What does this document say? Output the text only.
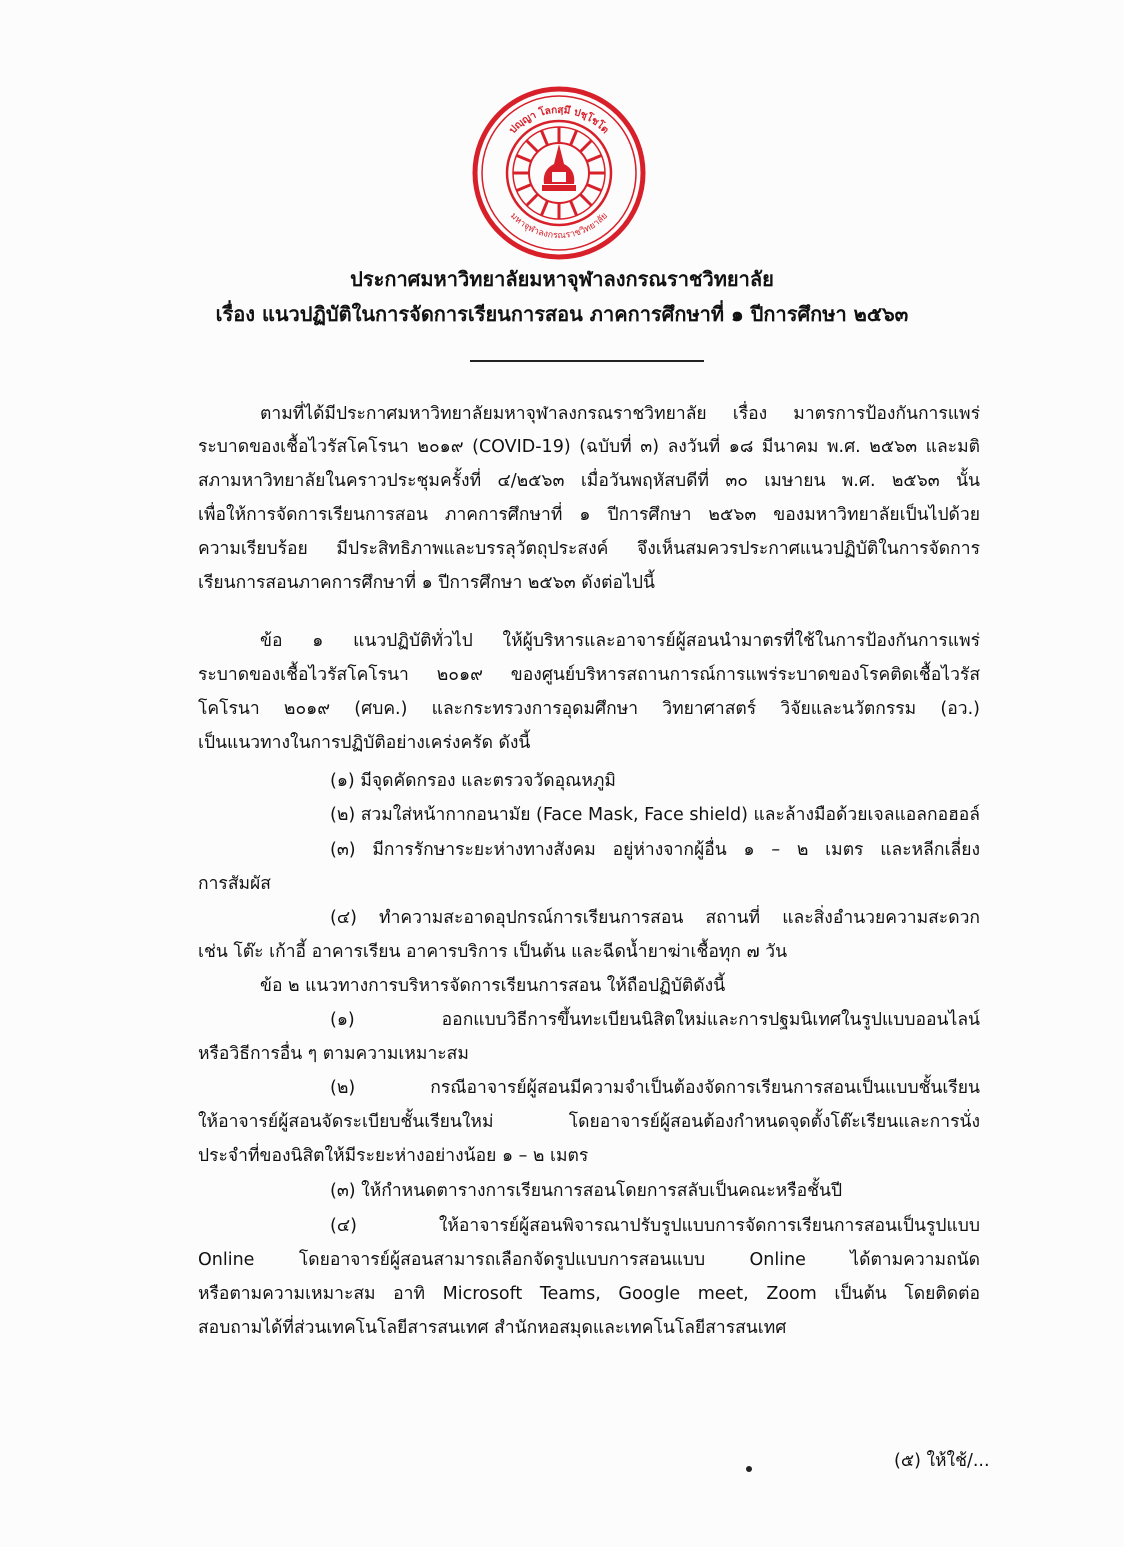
ปญฺญา โลกสฺมึ ปชฺโชโต
มหาจุฬาลงกรณราชวิทยาลัย
ประกาศมหาวิทยาลัยมหาจุฬาลงกรณราชวิทยาลัย
เรื่อง แนวปฏิบัติในการจัดการเรียนการสอน ภาคการศึกษาที่ ๑ ปีการศึกษา ๒๕๖๓
ตามที่ได้มีประกาศมหาวิทยาลัยมหาจุฬาลงกรณราชวิทยาลัย เรื่อง มาตรการป้องกันการแพร่
ระบาดของเชื้อไวรัสโคโรนา ๒๐๑๙ (COVID-19) (ฉบับที่ ๓) ลงวันที่ ๑๘ มีนาคม พ.ศ. ๒๕๖๓ และมติ
สภามหาวิทยาลัยในคราวประชุมครั้งที่ ๔/๒๕๖๓ เมื่อวันพฤหัสบดีที่ ๓๐ เมษายน พ.ศ. ๒๕๖๓ นั้น
เพื่อให้การจัดการเรียนการสอน ภาคการศึกษาที่ ๑ ปีการศึกษา ๒๕๖๓ ของมหาวิทยาลัยเป็นไปด้วย
ความเรียบร้อย มีประสิทธิภาพและบรรลุวัตถุประสงค์ จึงเห็นสมควรประกาศแนวปฏิบัติในการจัดการ
เรียนการสอนภาคการศึกษาที่ ๑ ปีการศึกษา ๒๕๖๓ ดังต่อไปนี้
ข้อ ๑ แนวปฏิบัติทั่วไป ให้ผู้บริหารและอาจารย์ผู้สอนนำมาตรที่ใช้ในการป้องกันการแพร่
ระบาดของเชื้อไวรัสโคโรนา ๒๐๑๙ ของศูนย์บริหารสถานการณ์การแพร่ระบาดของโรคติดเชื้อไวรัส
โคโรนา ๒๐๑๙ (ศบค.) และกระทรวงการอุดมศึกษา วิทยาศาสตร์ วิจัยและนวัตกรรม (อว.)
เป็นแนวทางในการปฏิบัติอย่างเคร่งครัด ดังนี้
(๑) มีจุดคัดกรอง และตรวจวัดอุณหภูมิ
(๒) สวมใส่หน้ากากอนามัย (Face Mask, Face shield) และล้างมือด้วยเจลแอลกอฮอล์
(๓) มีการรักษาระยะห่างทางสังคม อยู่ห่างจากผู้อื่น ๑ – ๒ เมตร และหลีกเลี่ยง
การสัมผัส
(๔) ทำความสะอาดอุปกรณ์การเรียนการสอน สถานที่ และสิ่งอำนวยความสะดวก
เช่น โต๊ะ เก้าอี้ อาคารเรียน อาคารบริการ เป็นต้น และฉีดน้ำยาฆ่าเชื้อทุก ๗ วัน
ข้อ ๒ แนวทางการบริหารจัดการเรียนการสอน ให้ถือปฏิบัติดังนี้
(๑) ออกแบบวิธีการขึ้นทะเบียนนิสิตใหม่และการปฐมนิเทศในรูปแบบออนไลน์
หรือวิธีการอื่น ๆ ตามความเหมาะสม
(๒) กรณีอาจารย์ผู้สอนมีความจำเป็นต้องจัดการเรียนการสอนเป็นแบบชั้นเรียน
ให้อาจารย์ผู้สอนจัดระเบียบชั้นเรียนใหม่ โดยอาจารย์ผู้สอนต้องกำหนดจุดตั้งโต๊ะเรียนและการนั่ง
ประจำที่ของนิสิตให้มีระยะห่างอย่างน้อย ๑ – ๒ เมตร
(๓) ให้กำหนดตารางการเรียนการสอนโดยการสลับเป็นคณะหรือชั้นปี
(๔) ให้อาจารย์ผู้สอนพิจารณาปรับรูปแบบการจัดการเรียนการสอนเป็นรูปแบบ
Online โดยอาจารย์ผู้สอนสามารถเลือกจัดรูปแบบการสอนแบบ Online ได้ตามความถนัด
หรือตามความเหมาะสม อาทิ Microsoft Teams, Google meet, Zoom เป็นต้น โดยติดต่อ
สอบถามได้ที่ส่วนเทคโนโลยีสารสนเทศ สำนักหอสมุดและเทคโนโลยีสารสนเทศ
(๕) ให้ใช้/...
